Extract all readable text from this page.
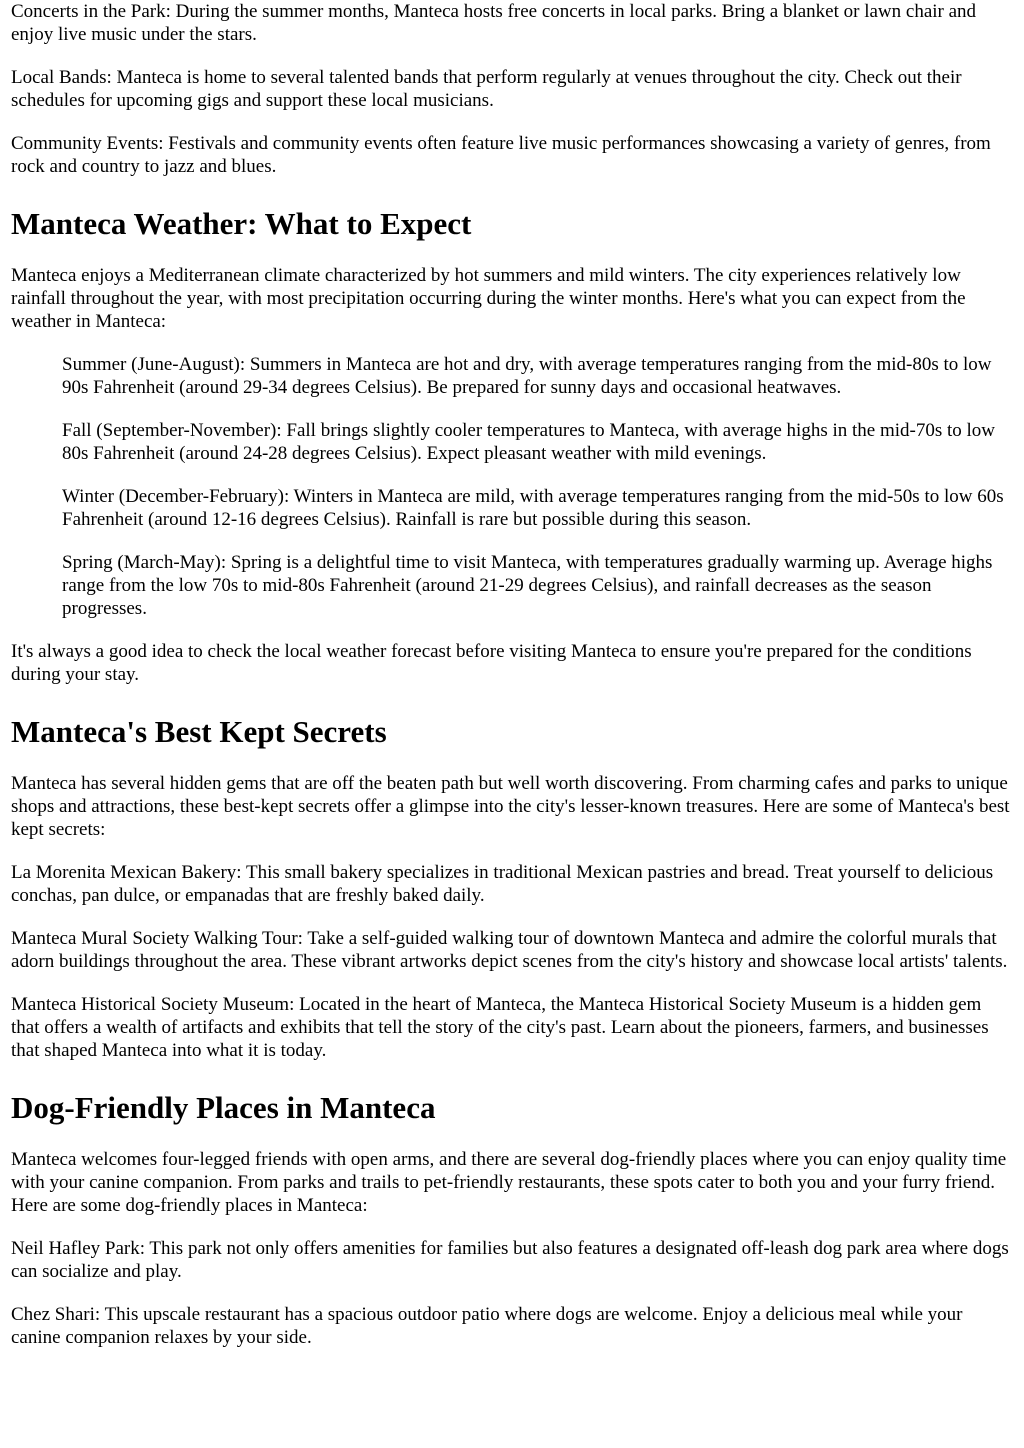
Concerts in the Park: During the summer months, Manteca hosts free concerts in local parks. Bring a blanket or lawn chair and enjoy live music under the stars.

Local Bands: Manteca is home to several talented bands that perform regularly at venues throughout the city. Check out their schedules for upcoming gigs and support these local musicians.

Community Events: Festivals and community events often feature live music performances showcasing a variety of genres, from rock and country to jazz and blues.

Manteca Weather: What to Expect

Manteca enjoys a Mediterranean climate characterized by hot summers and mild winters. The city experiences relatively low rainfall throughout the year, with most precipitation occurring during the winter months. Here's what you can expect from the weather in Manteca:

Summer (June-August): Summers in Manteca are hot and dry, with average temperatures ranging from the mid-80s to low 90s Fahrenheit (around 29-34 degrees Celsius). Be prepared for sunny days and occasional heatwaves.

Fall (September-November): Fall brings slightly cooler temperatures to Manteca, with average highs in the mid-70s to low 80s Fahrenheit (around 24-28 degrees Celsius). Expect pleasant weather with mild evenings.

Winter (December-February): Winters in Manteca are mild, with average temperatures ranging from the mid-50s to low 60s Fahrenheit (around 12-16 degrees Celsius). Rainfall is rare but possible during this season.

Spring (March-May): Spring is a delightful time to visit Manteca, with temperatures gradually warming up. Average highs range from the low 70s to mid-80s Fahrenheit (around 21-29 degrees Celsius), and rainfall decreases as the season progresses.

It's always a good idea to check the local weather forecast before visiting Manteca to ensure you're prepared for the conditions during your stay.

Manteca's Best Kept Secrets

Manteca has several hidden gems that are off the beaten path but well worth discovering. From charming cafes and parks to unique shops and attractions, these best-kept secrets offer a glimpse into the city's lesser-known treasures. Here are some of Manteca's best kept secrets:

La Morenita Mexican Bakery: This small bakery specializes in traditional Mexican pastries and bread. Treat yourself to delicious conchas, pan dulce, or empanadas that are freshly baked daily.

Manteca Mural Society Walking Tour: Take a self-guided walking tour of downtown Manteca and admire the colorful murals that adorn buildings throughout the area. These vibrant artworks depict scenes from the city's history and showcase local artists' talents.

Manteca Historical Society Museum: Located in the heart of Manteca, the Manteca Historical Society Museum is a hidden gem that offers a wealth of artifacts and exhibits that tell the story of the city's past. Learn about the pioneers, farmers, and businesses that shaped Manteca into what it is today.

Dog-Friendly Places in Manteca

Manteca welcomes four-legged friends with open arms, and there are several dog-friendly places where you can enjoy quality time with your canine companion. From parks and trails to pet-friendly restaurants, these spots cater to both you and your furry friend. Here are some dog-friendly places in Manteca:

Neil Hafley Park: This park not only offers amenities for families but also features a designated off-leash dog park area where dogs can socialize and play.

Chez Shari: This upscale restaurant has a spacious outdoor patio where dogs are welcome. Enjoy a delicious meal while your canine companion relaxes by your side.
